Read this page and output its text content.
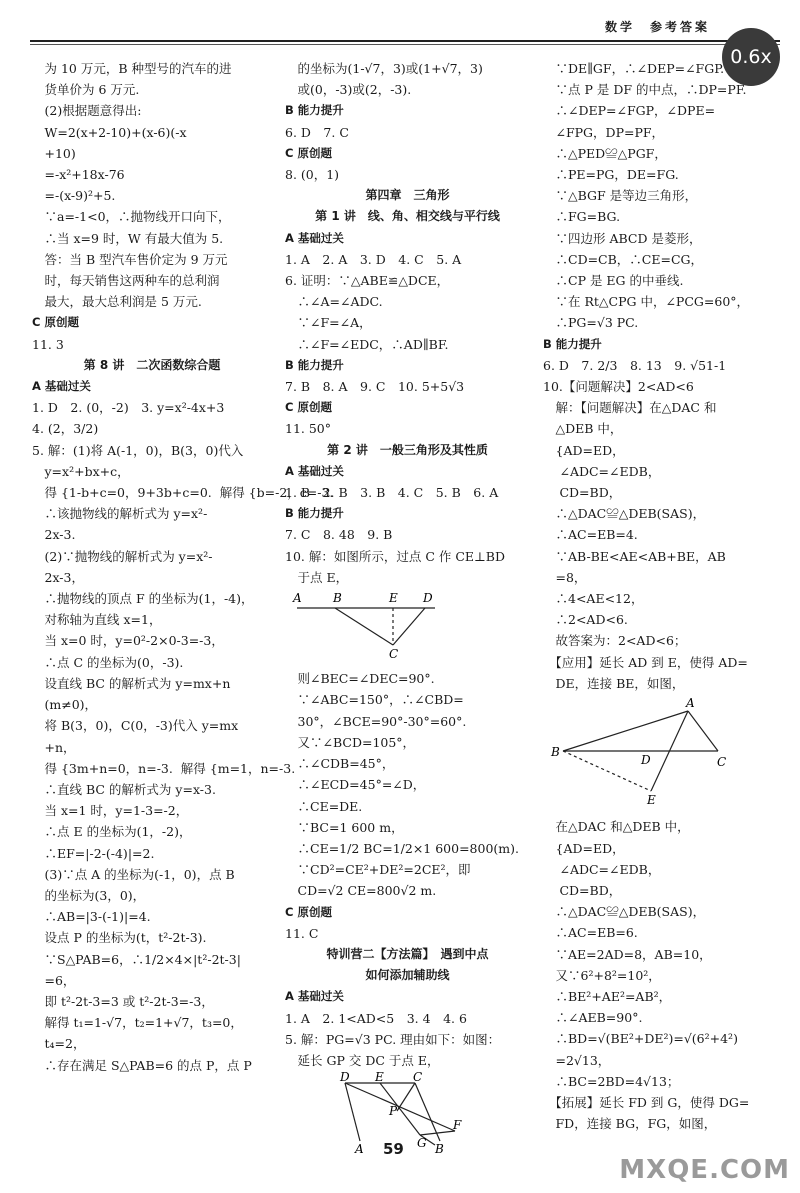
数学　参考答案
0.6x
　为 10 万元，B 种型号的汽车的进
　货单价为 6 万元.
　(2)根据题意得出:
　W=2(x+2-10)+(x-6)(-x
　+10)
　=-x²+18x-76
　=-(x-9)²+5.
　∵a=-1<0，∴抛物线开口向下，
　∴当 x=9 时，W 有最大值为 5.
　答：当 B 型汽车售价定为 9 万元
　时，每天销售这两种车的总利润
　最大，最大总利润是 5 万元.
C 原创题
11. 3
第 8 讲　二次函数综合题
A 基础过关
1. D　2. (0，-2)　3. y=x²-4x+3
4. (2，3/2)
5. 解：(1)将 A(-1，0)，B(3，0)代入
　y=x²+bx+c，
　得 {1-b+c=0，9+3b+c=0.  解得 {b=-2，c=-3.
　∴该抛物线的解析式为 y=x²-
　2x-3.
　(2)∵抛物线的解析式为 y=x²-
　2x-3，
　∴抛物线的顶点 F 的坐标为(1，-4)，
　对称轴为直线 x=1，
　当 x=0 时，y=0²-2×0-3=-3，
　∴点 C 的坐标为(0，-3).
　设直线 BC 的解析式为 y=mx+n
　(m≠0)，
　将 B(3，0)，C(0，-3)代入 y=mx
　+n，
　得 {3m+n=0，n=-3.  解得 {m=1，n=-3.
　∴直线 BC 的解析式为 y=x-3.
　当 x=1 时，y=1-3=-2，
　∴点 E 的坐标为(1，-2)，
　∴EF=|-2-(-4)|=2.
　(3)∵点 A 的坐标为(-1，0)，点 B
　的坐标为(3，0)，
　∴AB=|3-(-1)|=4.
　设点 P 的坐标为(t，t²-2t-3).
　∵S△PAB=6，∴1/2×4×|t²-2t-3|
　=6，
　即 t²-2t-3=3 或 t²-2t-3=-3，
　解得 t₁=1-√7，t₂=1+√7，t₃=0，
　t₄=2，
　∴存在满足 S△PAB=6 的点 P，点 P
　的坐标为(1-√7，3)或(1+√7，3)
　或(0，-3)或(2，-3).
B 能力提升
6. D　7. C
C 原创题
8. (0，1)
第四章　三角形
第 1 讲　线、角、相交线与平行线
A 基础过关
1. A　2. A　3. D　4. C　5. A
6. 证明：∵△ABE≌△DCE，
　∴∠A=∠ADC.
　∵∠F=∠A，
　∴∠F=∠EDC，∴AD∥BF.
B 能力提升
7. B　8. A　9. C　10. 5+5√3
C 原创题
11. 50°
第 2 讲　一般三角形及其性质
A 基础过关
1. B　2. B　3. B　4. C　5. B　6. A
B 能力提升
7. C　8. 48　9. B
10. 解：如图所示，过点 C 作 CE⊥BD
　于点 E，
A	B	E D
C
　则∠BEC=∠DEC=90°.
　∵∠ABC=150°，∴∠CBD=
　30°，∠BCE=90°-30°=60°.
　又∵∠BCD=105°，
　∴∠CDB=45°，
　∴∠ECD=45°=∠D，
　∴CE=DE.
　∵BC=1 600 m，
　∴CE=1/2 BC=1/2×1 600=800(m).
　∵CD²=CE²+DE²=2CE²，即
　CD=√2 CE=800√2 m.
C 原创题
11. C
特训营二【方法篇】　遇到中点
如何添加辅助线
A 基础过关
1. A　2. 1<AD<5　3. 4　4. 6
5. 解：PG=√3 PC. 理由如下：如图：
　延长 GP 交 DC 于点 E，
D E C
P
G
F
A	B
　∵DE∥GF，∴∠DEP=∠FGP.
　∵点 P 是 DF 的中点，∴DP=PF.
　∴∠DEP=∠FGP，∠DPE=
　∠FPG，DP=PF，
　∴△PED≌△PGF，
　∴PE=PG，DE=FG.
　∵△BGF 是等边三角形，
　∴FG=BG.
　∵四边形 ABCD 是菱形，
　∴CD=CB，∴CE=CG，
　∴CP 是 EG 的中垂线.
　∵在 Rt△CPG 中，∠PCG=60°，
　∴PG=√3 PC.
B 能力提升
6. D　7. 2/3　8. 13　9. √51-1
10.【问题解决】2<AD<6
　解：【问题解决】在△DAC 和
　△DEB 中，
　{AD=ED，
　 ∠ADC=∠EDB，
　 CD=BD，
　∴△DAC≌△DEB(SAS)，
　∴AC=EB=4.
　∵AB-BE<AE<AB+BE，AB
　=8，
　∴4<AE<12，
　∴2<AD<6.
　故答案为：2<AD<6；
　【应用】延长 AD 到 E，使得 AD=
　DE，连接 BE，如图，
A
B
D	C
E
　在△DAC 和△DEB 中，
　{AD=ED，
　 ∠ADC=∠EDB，
　 CD=BD，
　∴△DAC≌△DEB(SAS)，
　∴AC=EB=6.
　∵AE=2AD=8，AB=10，
　又∵6²+8²=10²，
　∴BE²+AE²=AB²，
　∴∠AEB=90°.
　∴BD=√(BE²+DE²)=√(6²+4²)
　=2√13，
　∴BC=2BD=4√13；
　【拓展】延长 FD 到 G，使得 DG=
　FD，连接 BG，FG，如图，
59
MXQE.COM
